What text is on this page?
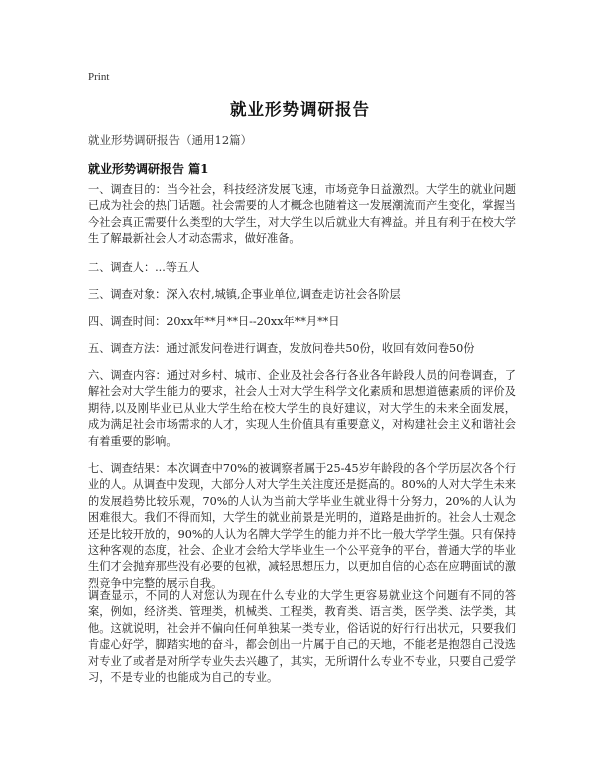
Print
就业形势调研报告
就业形势调研报告（通用12篇）
就业形势调研报告 篇1

一、调查目的：当今社会，科技经济发展飞速，市场竞争日益激烈。大学生的就业问题已成为社会的热门话题。社会需要的人才概念也随着这一发展潮流而产生变化，掌握当今社会真正需要什么类型的大学生，对大学生以后就业大有裨益。并且有利于在校大学生了解最新社会人才动态需求，做好准备。

二、调查人：...等五人

三、调查对象：深入农村,城镇,企事业单位,调查走访社会各阶层

四、调查时间：20xx年**月**日--20xx年**月**日

五、调查方法：通过派发问卷进行调查，发放问卷共50份，收回有效问卷50份

六、调查内容：通过对乡村、城市、企业及社会各行各业各年龄段人员的问卷调查，了解社会对大学生能力的要求，社会人士对大学生科学文化素质和思想道德素质的评价及期待,以及刚毕业已从业大学生给在校大学生的良好建议，对大学生的未来全面发展，成为满足社会市场需求的人才，实现人生价值具有重要意义，对构建社会主义和谐社会有着重要的影响。

七、调查结果：本次调查中70%的被调察者属于25-45岁年龄段的各个学历层次各个行业的人。从调查中发现，大部分人对大学生关注度还是挺高的。80%的人对大学生未来的发展趋势比较乐观，70%的人认为当前大学毕业生就业得十分努力，20%的人认为困难很大。我们不得而知，大学生的就业前景是光明的，道路是曲折的。社会人士观念还是比较开放的，90%的人认为名牌大学学生的能力并不比一般大学学生强。只有保持这种客观的态度，社会、企业才会给大学毕业生一个公平竞争的平台，普通大学的毕业生们才会抛弃那些没有必要的包袱，减轻思想压力，以更加自信的心态在应聘面试的激烈竞争中完整的展示自我。

调查显示，不同的人对您认为现在什么专业的大学生更容易就业这个问题有不同的答案，例如，经济类、管理类，机械类、工程类，教育类、语言类，医学类、法学类，其他。这就说明，社会并不偏向任何单独某一类专业，俗话说的好行行出状元，只要我们肯虚心好学，脚踏实地的奋斗，都会创出一片属于自己的天地，不能老是抱怨自己没选对专业了或者是对所学专业失去兴趣了，其实，无所谓什么专业不专业，只要自己爱学习，不是专业的也能成为自己的专业。
